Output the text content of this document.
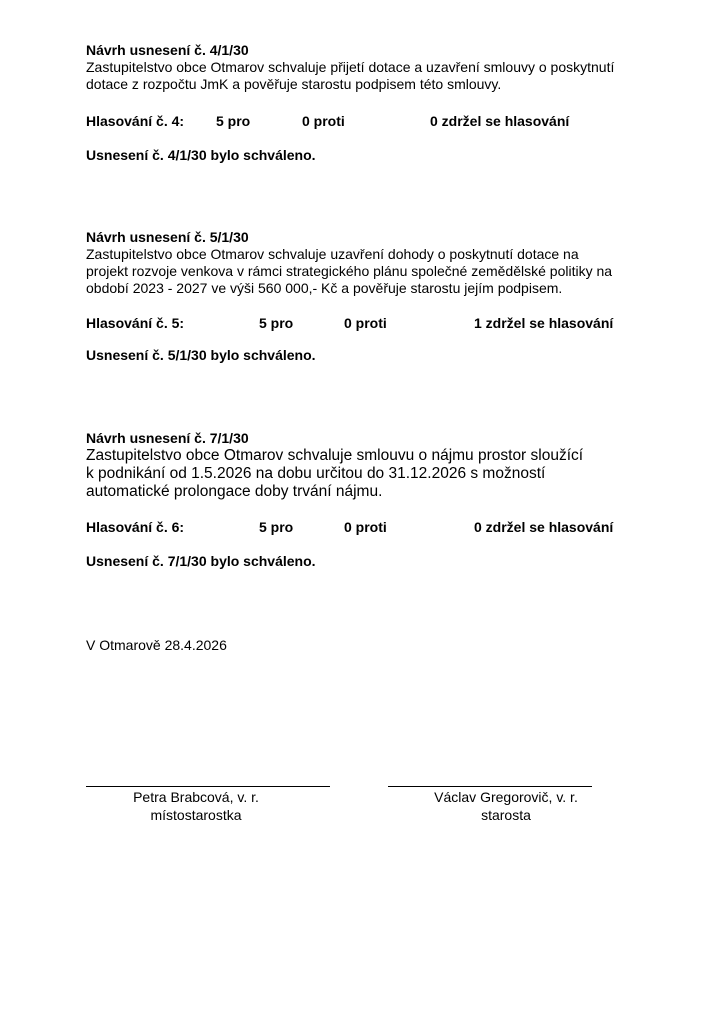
Návrh usnesení č. 4/1/30
Zastupitelstvo obce Otmarov schvaluje přijetí dotace a uzavření smlouvy o poskytnutí
dotace z rozpočtu JmK a pověřuje starostu podpisem této smlouvy.
Hlasování č. 4: 5 pro	0 proti	0 zdržel se hlasování
Usnesení č. 4/1/30 bylo schváleno.
Návrh usnesení č. 5/1/30
Zastupitelstvo obce Otmarov schvaluje uzavření dohody o poskytnutí dotace na
projekt rozvoje venkova v rámci strategického plánu společné zemědělské politiky na
období 2023 - 2027 ve výši 560 000,- Kč a pověřuje starostu jejím podpisem.
Hlasování č. 5:	5 pro	0 proti	1 zdržel se hlasování
Usnesení č. 5/1/30 bylo schváleno.
Návrh usnesení č. 7/1/30
Zastupitelstvo obce Otmarov schvaluje smlouvu o nájmu prostor sloužící
k podnikání od 1.5.2026 na dobu určitou do 31.12.2026 s možností
automatické prolongace doby trvání nájmu.
Hlasování č. 6:	5 pro	0 proti	0 zdržel se hlasování
Usnesení č. 7/1/30 bylo schváleno.
V Otmarově 28.4.2026
Petra Brabcová, v. r.
místostarostka
Václav Gregorovič, v. r.
starosta
